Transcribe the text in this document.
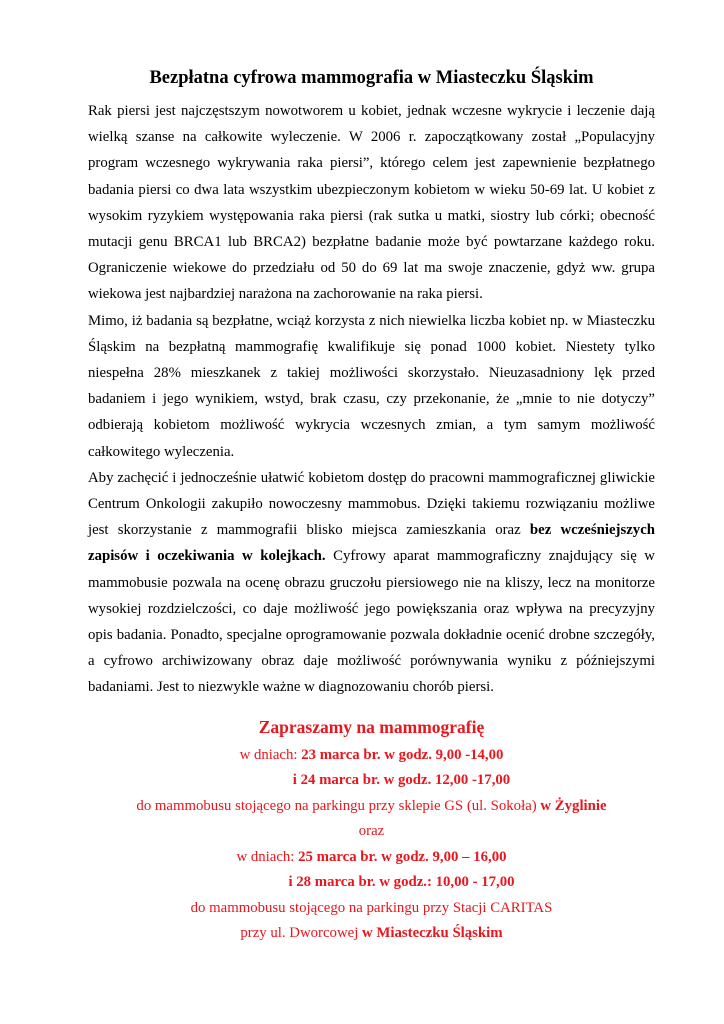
Bezpłatna cyfrowa mammografia w Miasteczku Śląskim

Rak piersi jest najczęstszym nowotworem u kobiet, jednak wczesne wykrycie i leczenie dają wielką szanse na całkowite wyleczenie. W 2006 r. zapoczątkowany został „Populacyjny program wczesnego wykrywania raka piersi”, którego celem jest zapewnienie bezpłatnego badania piersi co dwa lata wszystkim ubezpieczonym kobietom w wieku 50-69 lat. U kobiet z wysokim ryzykiem występowania raka piersi (rak sutka u matki, siostry lub córki; obecność mutacji genu BRCA1 lub BRCA2) bezpłatne badanie może być powtarzane każdego roku. Ograniczenie wiekowe do przedziału od 50 do 69 lat ma swoje znaczenie, gdyż ww. grupa wiekowa jest najbardziej narażona na zachorowanie na raka piersi.

Mimo, iż badania są bezpłatne, wciąż korzysta z nich niewielka liczba kobiet np. w Miasteczku Śląskim na bezpłatną mammografię kwalifikuje się ponad 1000 kobiet. Niestety tylko niespełna 28% mieszkanek z takiej możliwości skorzystało. Nieuzasadniony lęk przed badaniem i jego wynikiem, wstyd, brak czasu, czy przekonanie, że „mnie to nie dotyczy” odbierają kobietom możliwość wykrycia wczesnych zmian, a tym samym możliwość całkowitego wyleczenia.

Aby zachęcić i jednocześnie ułatwić kobietom dostęp do pracowni mammograficznej gliwickie Centrum Onkologii zakupiło nowoczesny mammobus. Dzięki takiemu rozwiązaniu możliwe jest skorzystanie z mammografii blisko miejsca zamieszkania oraz bez wcześniejszych zapisów i oczekiwania w kolejkach. Cyfrowy aparat mammograficzny znajdujący się w mammobusie pozwala na ocenę obrazu gruczołu piersiowego nie na kliszy, lecz na monitorze wysokiej rozdzielczości, co daje możliwość jego powiększania oraz wpływa na precyzyjny opis badania. Ponadto, specjalne oprogramowanie pozwala dokładnie ocenić drobne szczegóły, a cyfrowo archiwizowany obraz daje możliwość porównywania wyniku z późniejszymi badaniami. Jest to niezwykle ważne w diagnozowaniu chorób piersi.

Zapraszamy na mammografię

w dniach: 23 marca br. w godz. 9,00 -14,00

i 24 marca br. w godz. 12,00 -17,00

do mammobusu stojącego na parkingu przy sklepie GS (ul. Sokoła) w Żyglinie

oraz

w dniach: 25 marca br. w godz. 9,00 – 16,00

i 28 marca br. w godz.: 10,00 - 17,00

do mammobusu stojącego na parkingu przy Stacji CARITAS

przy ul. Dworcowej w Miasteczku Śląskim
